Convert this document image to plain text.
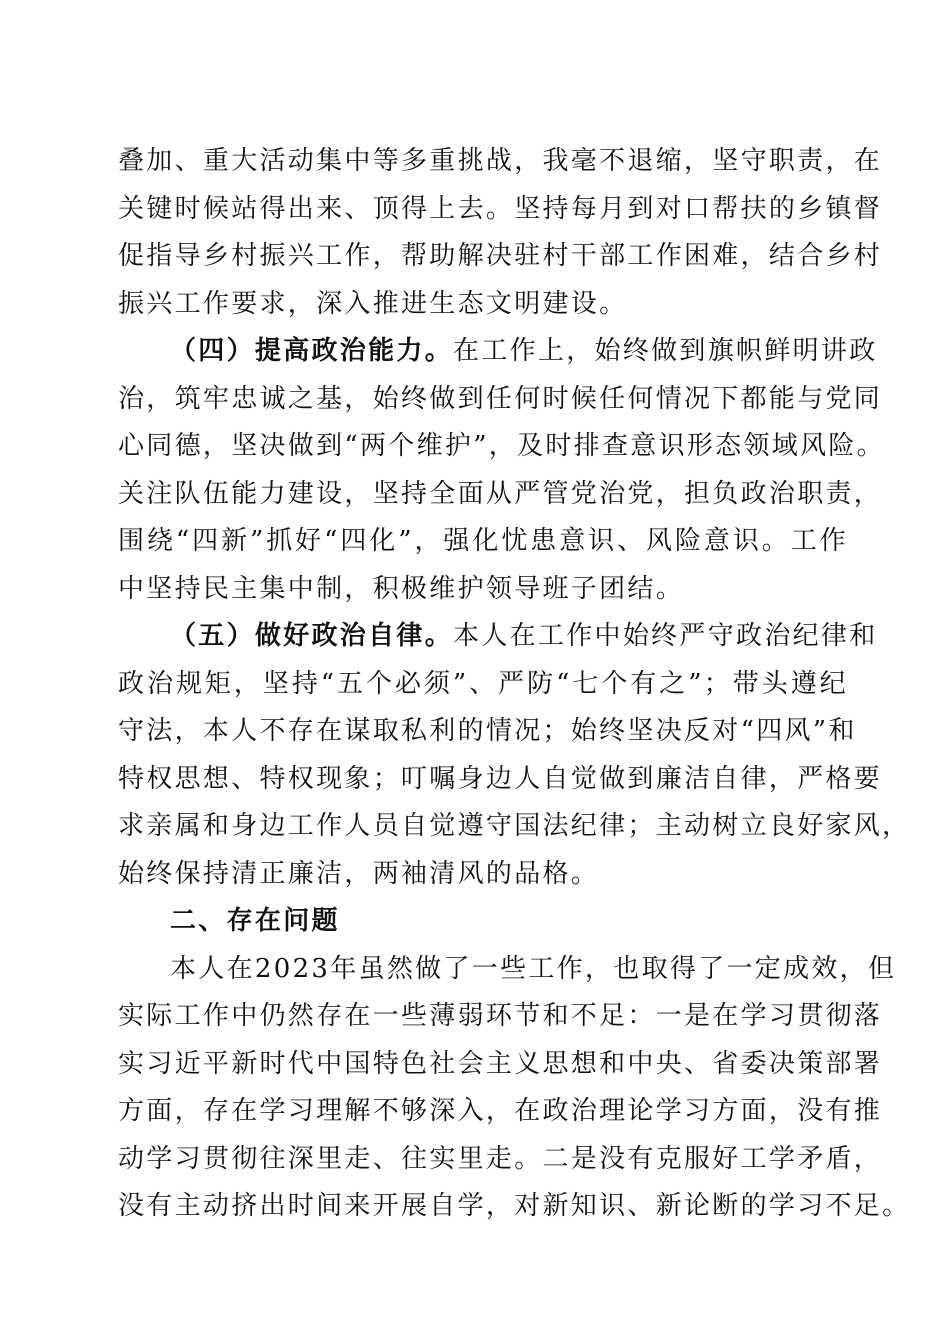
叠加、重大活动集中等多重挑战，我毫不退缩，坚守职责，在
关键时候站得出来、顶得上去。坚持每月到对口帮扶的乡镇督
促指导乡村振兴工作，帮助解决驻村干部工作困难，结合乡村
振兴工作要求，深入推进生态文明建设。
（四）提高政治能力。在工作上，始终做到旗帜鲜明讲政
治，筑牢忠诚之基，始终做到任何时候任何情况下都能与党同
心同德，坚决做到“两个维护”，及时排查意识形态领域风险。
关注队伍能力建设，坚持全面从严管党治党，担负政治职责，
围绕“四新”抓好“四化”，强化忧患意识、风险意识。工作
中坚持民主集中制，积极维护领导班子团结。
（五）做好政治自律。本人在工作中始终严守政治纪律和
政治规矩，坚持“五个必须”、严防“七个有之”；带头遵纪
守法，本人不存在谋取私利的情况；始终坚决反对“四风”和
特权思想、特权现象；叮嘱身边人自觉做到廉洁自律，严格要
求亲属和身边工作人员自觉遵守国法纪律；主动树立良好家风，
始终保持清正廉洁，两袖清风的品格。
二、存在问题
本人在2023年虽然做了一些工作，也取得了一定成效，但
实际工作中仍然存在一些薄弱环节和不足：一是在学习贯彻落
实习近平新时代中国特色社会主义思想和中央、省委决策部署
方面，存在学习理解不够深入，在政治理论学习方面，没有推
动学习贯彻往深里走、往实里走。二是没有克服好工学矛盾，
没有主动挤出时间来开展自学，对新知识、新论断的学习不足。
